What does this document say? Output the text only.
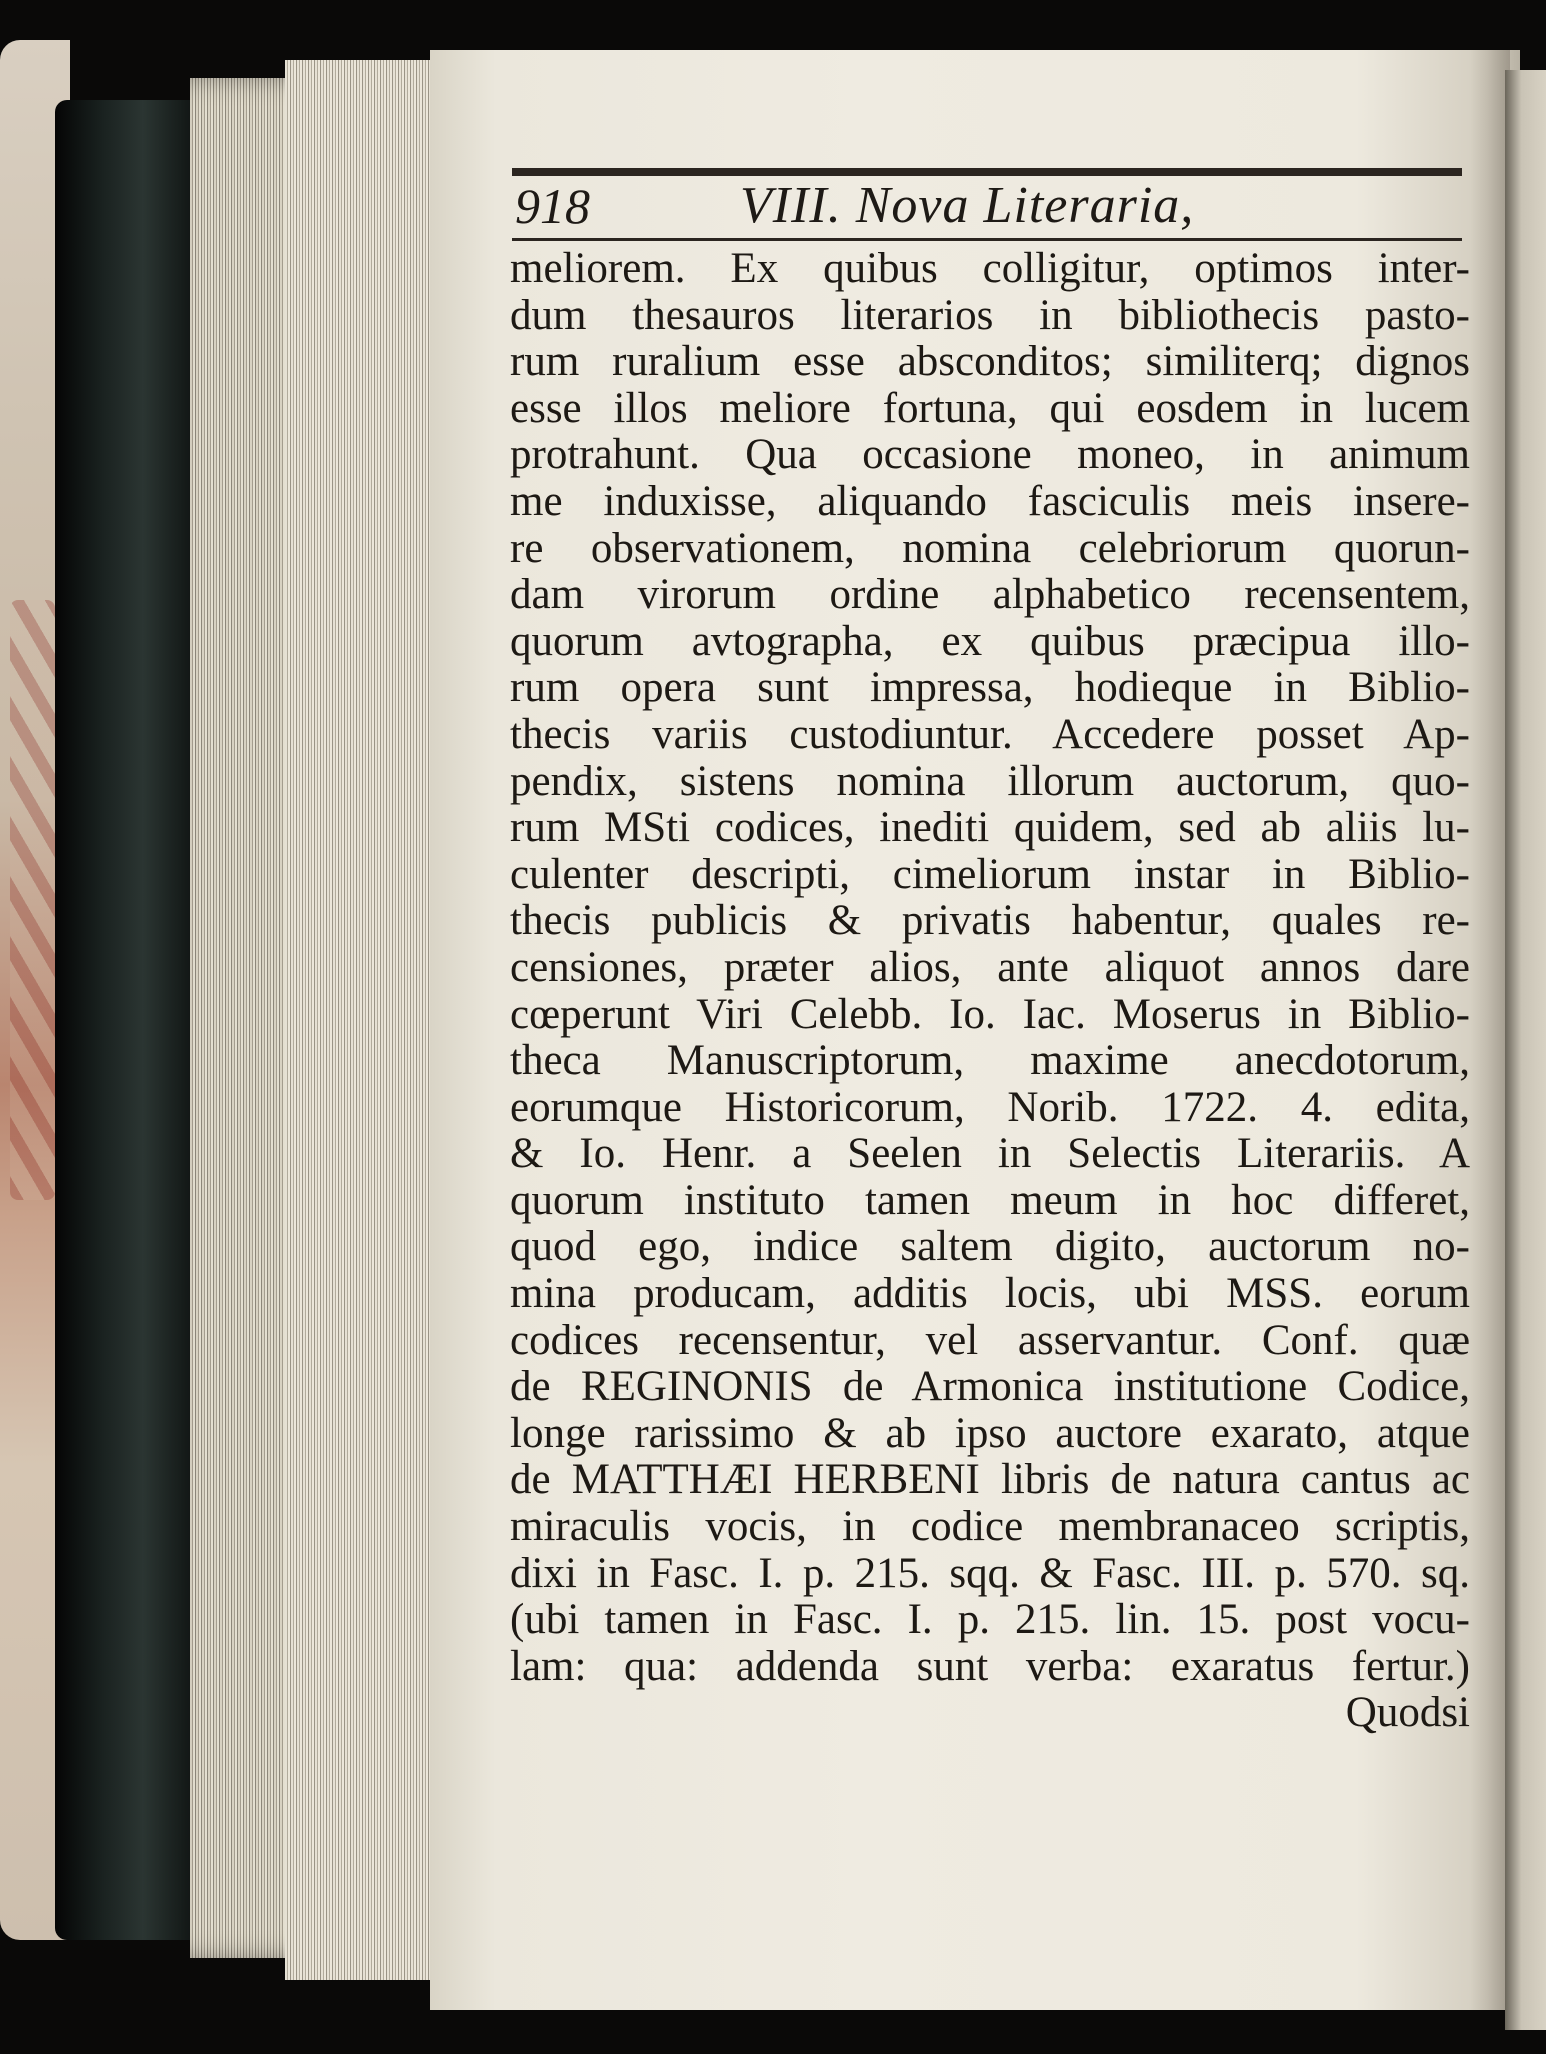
918	VIII. Nova Literaria,
meliorem. Ex quibus colligitur, optimos inter-
dum thesauros literarios in bibliothecis pasto-
rum ruralium esse absconditos; similiterq; dignos
esse illos meliore fortuna, qui eosdem in lucem
protrahunt. Qua occasione moneo, in animum
me induxisse, aliquando fasciculis meis insere-
re observationem, nomina celebriorum quorun-
dam virorum ordine alphabetico recensentem,
quorum avtographa, ex quibus præcipua illo-
rum opera sunt impressa, hodieque in Biblio-
thecis variis custodiuntur. Accedere posset Ap-
pendix, sistens nomina illorum auctorum, quo-
rum MSti codices, inediti quidem, sed ab aliis lu-
culenter descripti, cimeliorum instar in Biblio-
thecis publicis & privatis habentur, quales re-
censiones, præter alios, ante aliquot annos dare
cœperunt Viri Celebb. Io. Iac. Moserus in Biblio-
theca Manuscriptorum, maxime anecdotorum,
eorumque Historicorum, Norib. 1722. 4. edita,
& Io. Henr. a Seelen in Selectis Literariis. A
quorum instituto tamen meum in hoc differet,
quod ego, indice saltem digito, auctorum no-
mina producam, additis locis, ubi MSS. eorum
codices recensentur, vel asservantur. Conf. quæ
de REGINONIS de Armonica institutione Codice,
longe rarissimo & ab ipso auctore exarato, atque
de MATTHÆI HERBENI libris de natura cantus ac
miraculis vocis, in codice membranaceo scriptis,
dixi in Fasc. I. p. 215. sqq. & Fasc. III. p. 570. sq.
(ubi tamen in Fasc. I. p. 215. lin. 15. post vocu-
lam: qua: addenda sunt verba: exaratus fertur.)
Quodsi
